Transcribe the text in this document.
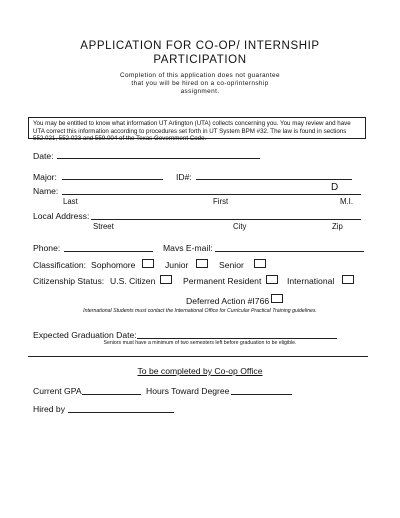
APPLICATION FOR CO-OP/ INTERNSHIP
PARTICIPATION
Completion of this application does not guarantee
that you will be hired on a co-op/internship
assignment.
You may be entitled to know what information UT Arlington (UTA) collects concerning you. You may review and have UTA correct this information according to procedures set forth in UT System BPM #32. The law is found in sections 552.021, 552.023 and 559.004 of the Texas Government Code.
Date:
Major:	ID#:
Name:	D
Last	First	M.I.
Local Address:
Street	City	Zip
Phone:	Mavs E-mail:
Classification: Sophomore	Junior	Senior
Citizenship Status: U.S. Citizen	Permanent Resident	International
Deferred Action #I766
International Students must contact the International Office for Curricular Practical Training guidelines.
Expected Graduation Date:
Seniors must have a minimum of two semesters left before graduation to be eligible.
To be completed by Co-op Office
Current GPA	Hours Toward Degree
Hired by
